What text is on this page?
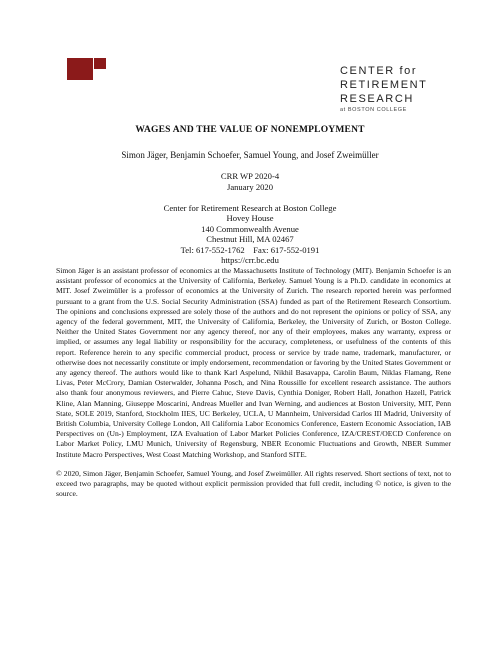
CENTER for
RETIREMENT
RESEARCH
at BOSTON COLLEGE
WAGES AND THE VALUE OF NONEMPLOYMENT
Simon Jäger, Benjamin Schoefer, Samuel Young, and Josef Zweimüller
CRR WP 2020-4
January 2020
Center for Retirement Research at Boston College
Hovey House
140 Commonwealth Avenue
Chestnut Hill, MA 02467
Tel: 617-552-1762    Fax: 617-552-0191
https://crr.bc.edu

Simon Jäger is an assistant professor of economics at the Massachusetts Institute of Technology (MIT). Benjamin Schoefer is an assistant professor of economics at the University of California, Berkeley. Samuel Young is a Ph.D. candidate in economics at MIT. Josef Zweimüller is a professor of economics at the University of Zurich. The research reported herein was performed pursuant to a grant from the U.S. Social Security Administration (SSA) funded as part of the Retirement Research Consortium. The opinions and conclusions expressed are solely those of the authors and do not represent the opinions or policy of SSA, any agency of the federal government, MIT, the University of California, Berkeley, the University of Zurich, or Boston College. Neither the United States Government nor any agency thereof, nor any of their employees, makes any warranty, express or implied, or assumes any legal liability or responsibility for the accuracy, completeness, or usefulness of the contents of this report. Reference herein to any specific commercial product, process or service by trade name, trademark, manufacturer, or otherwise does not necessarily constitute or imply endorsement, recommendation or favoring by the United States Government or any agency thereof. The authors would like to thank Karl Aspelund, Nikhil Basavappa, Carolin Baum, Niklas Flamang, Rene Livas, Peter McCrory, Damian Osterwalder, Johanna Posch, and Nina Roussille for excellent research assistance. The authors also thank four anonymous reviewers, and Pierre Cahuc, Steve Davis, Cynthia Doniger, Robert Hall, Jonathon Hazell, Patrick Kline, Alan Manning, Giuseppe Moscarini, Andreas Mueller and Ivan Werning, and audiences at Boston University, MIT, Penn State, SOLE 2019, Stanford, Stockholm IIES, UC Berkeley, UCLA, U Mannheim, Universidad Carlos III Madrid, University of British Columbia, University College London, All California Labor Economics Conference, Eastern Economic Association, IAB Perspectives on (Un-) Employment, IZA Evaluation of Labor Market Policies Conference, IZA/CREST/OECD Conference on Labor Market Policy, LMU Munich, University of Regensburg, NBER Economic Fluctuations and Growth, NBER Summer Institute Macro Perspectives, West Coast Matching Workshop, and Stanford SITE.

© 2020, Simon Jäger, Benjamin Schoefer, Samuel Young, and Josef Zweimüller. All rights reserved. Short sections of text, not to exceed two paragraphs, may be quoted without explicit permission provided that full credit, including © notice, is given to the source.
